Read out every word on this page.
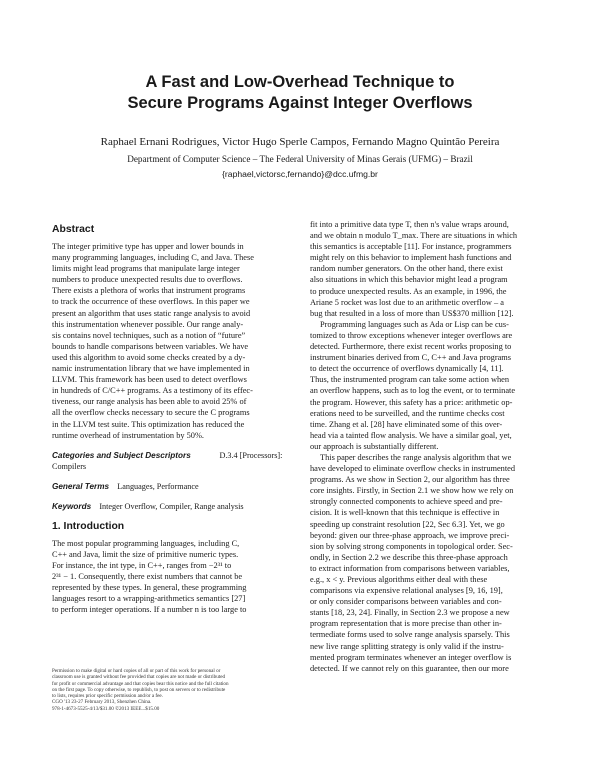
A Fast and Low-Overhead Technique to
Secure Programs Against Integer Overflows
Raphael Ernani Rodrigues, Victor Hugo Sperle Campos, Fernando Magno Quintão Pereira
Department of Computer Science – The Federal University of Minas Gerais (UFMG) – Brazil
{raphael,victorsc,fernando}@dcc.ufmg.br
Abstract
The integer primitive type has upper and lower bounds in
many programming languages, including C, and Java. These
limits might lead programs that manipulate large integer
numbers to produce unexpected results due to overflows.
There exists a plethora of works that instrument programs
to track the occurrence of these overflows. In this paper we
present an algorithm that uses static range analysis to avoid
this instrumentation whenever possible. Our range analy-
sis contains novel techniques, such as a notion of “future”
bounds to handle comparisons between variables. We have
used this algorithm to avoid some checks created by a dy-
namic instrumentation library that we have implemented in
LLVM. This framework has been used to detect overflows
in hundreds of C/C++ programs. As a testimony of its effec-
tiveness, our range analysis has been able to avoid 25% of
all the overflow checks necessary to secure the C programs
in the LLVM test suite. This optimization has reduced the
runtime overhead of instrumentation by 50%.
Categories and Subject Descriptors	D.3.4 [Processors]:
Compilers
General Terms Languages, Performance
Keywords Integer Overflow, Compiler, Range analysis
1. Introduction
The most popular programming languages, including C,
C++ and Java, limit the size of primitive numeric types.
For instance, the int type, in C++, ranges from −2³¹ to
2³¹ − 1. Consequently, there exist numbers that cannot be
represented by these types. In general, these programming
languages resort to a wrapping-arithmetics semantics [27]
to perform integer operations. If a number n is too large to
Permission to make digital or hard copies of all or part of this work for personal or
classroom use is granted without fee provided that copies are not made or distributed
for profit or commercial advantage and that copies bear this notice and the full citation
on the first page. To copy otherwise, to republish, to post on servers or to redistribute
to lists, requires prior specific permission and/or a fee.
CGO '13 23-27 February 2013, Shenzhen China.
978-1-4673-5525-4/13/$31.00 ©2013 IEEE...$15.00
fit into a primitive data type T, then n's value wraps around,
and we obtain n modulo T_max. There are situations in which
this semantics is acceptable [11]. For instance, programmers
might rely on this behavior to implement hash functions and
random number generators. On the other hand, there exist
also situations in which this behavior might lead a program
to produce unexpected results. As an example, in 1996, the
Ariane 5 rocket was lost due to an arithmetic overflow – a
bug that resulted in a loss of more than US$370 million [12].
Programming languages such as Ada or Lisp can be cus-
tomized to throw exceptions whenever integer overflows are
detected. Furthermore, there exist recent works proposing to
instrument binaries derived from C, C++ and Java programs
to detect the occurrence of overflows dynamically [4, 11].
Thus, the instrumented program can take some action when
an overflow happens, such as to log the event, or to terminate
the program. However, this safety has a price: arithmetic op-
erations need to be surveilled, and the runtime checks cost
time. Zhang et al. [28] have eliminated some of this over-
head via a tainted flow analysis. We have a similar goal, yet,
our approach is substantially different.
This paper describes the range analysis algorithm that we
have developed to eliminate overflow checks in instrumented
programs. As we show in Section 2, our algorithm has three
core insights. Firstly, in Section 2.1 we show how we rely on
strongly connected components to achieve speed and pre-
cision. It is well-known that this technique is effective in
speeding up constraint resolution [22, Sec 6.3]. Yet, we go
beyond: given our three-phase approach, we improve preci-
sion by solving strong components in topological order. Sec-
ondly, in Section 2.2 we describe this three-phase approach
to extract information from comparisons between variables,
e.g., x < y. Previous algorithms either deal with these
comparisons via expensive relational analyses [9, 16, 19],
or only consider comparisons between variables and con-
stants [18, 23, 24]. Finally, in Section 2.3 we propose a new
program representation that is more precise than other in-
termediate forms used to solve range analysis sparsely. This
new live range splitting strategy is only valid if the instru-
mented program terminates whenever an integer overflow is
detected. If we cannot rely on this guarantee, then our more
